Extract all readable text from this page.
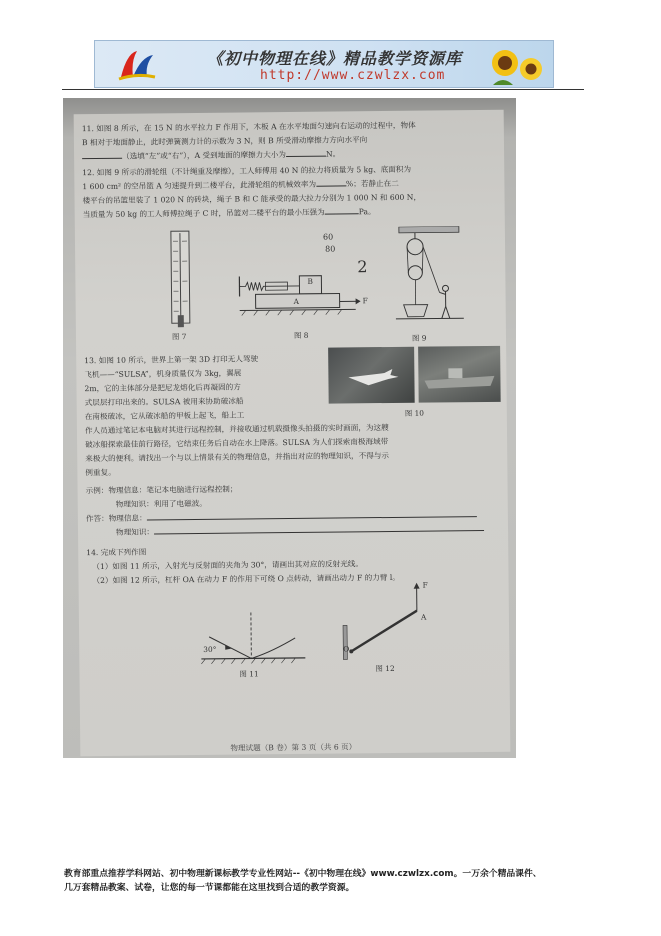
《初中物理在线》精品教学资源库
http://www.czwlzx.com
11. 如图 8 所示，在 15 N 的水平拉力 F 作用下，木板 A 在水平地面匀速向右运动的过程中，物体
B 相对于地面静止，此时弹簧测力计的示数为 3 N，则 B 所受滑动摩擦力方向水平向
（选填“左”或“右”），A 受到地面的摩擦力大小为	N。
12. 如图 9 所示的滑轮组（不计绳重及摩擦），工人师傅用 40 N 的拉力将质量为 5 kg、底面积为
1 600 cm² 的空吊篮 A 匀速提升到二楼平台，此滑轮组的机械效率为	%；若静止在二
楼平台的吊篮里装了 1 020 N 的砖块，绳子 B 和 C 能承受的最大拉力分别为 1 000 N 和 600 N，
当质量为 50 kg 的工人师傅拉绳子 C 时，吊篮对二楼平台的最小压强为	Pa。
图 7
B
A	F
图 8
60
80
2
图 9
13. 如图 10 所示，世界上第一架 3D 打印无人驾驶
飞机——“SULSA”，机身质量仅为 3kg，翼展
2m，它的主体部分是把尼龙熔化后再凝固的方
式层层打印出来的。SULSA 被用来协助破冰船
在南极破冰，它从破冰船的甲板上起飞，船上工	图 10
作人员通过笔记本电脑对其进行远程控制，并接收通过机载摄像头拍摄的实时画面，为这艘
破冰船探索最佳前行路径，它结束任务后自动在水上降落。SULSA 为人们探索南极海域带
来极大的便利。请找出一个与以上情景有关的物理信息，并指出对应的物理知识，不得与示
例重复。
示例：物理信息：笔记本电脑进行远程控制；
物理知识：利用了电磁波。
作答：物理信息：
物理知识：
14. 完成下列作图
（1）如图 11 所示，入射光与反射面的夹角为 30°，请画出其对应的反射光线。
（2）如图 12 所示，杠杆 OA 在动力 F 的作用下可绕 O 点转动，请画出动力 F 的力臂 l。
30°
图 11
O
A
F
图 12
物理试题（B 卷）第 3 页（共 6 页）
教育部重点推荐学科网站、初中物理新课标教学专业性网站--《初中物理在线》www.czwlzx.com。一万余个精品课件、
几万套精品教案、试卷，让您的每一节课都能在这里找到合适的教学资源。
